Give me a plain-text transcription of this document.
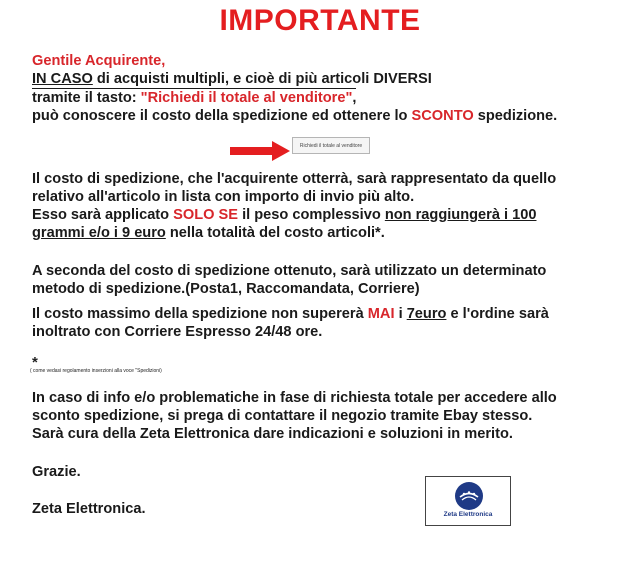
IMPORTANTE
Gentile Acquirente,
IN CASO di acquisti multipli, e cioè di più articoli DIVERSI
tramite il tasto: "Richiedi il totale al venditore",
può conoscere il costo della spedizione ed ottenere lo SCONTO spedizione.
Richiedi il totale al venditore
Il costo di spedizione, che l'acquirente otterrà, sarà rappresentato da quello
relativo all'articolo in lista con importo di invio più alto.
Esso sarà applicato SOLO SE il peso complessivo non raggiungerà i 100
grammi e/o i 9 euro nella totalità del costo articoli*.
A seconda del costo di spedizione ottenuto, sarà utilizzato un determinato
metodo di spedizione.(Posta1, Raccomandata, Corriere)
Il costo massimo della spedizione non supererà MAI i 7euro e l'ordine sarà
inoltrato con Corriere Espresso 24/48 ore.
*
( come vedasi regolamento inserzioni alla voce "Spedizioni)
In caso di info e/o problematiche in fase di richiesta totale per accedere allo
sconto spedizione, si prega di contattare il negozio tramite Ebay stesso.
Sarà cura della Zeta Elettronica dare indicazioni e soluzioni in merito.
Grazie.
Zeta Elettronica.	Zeta Elettronica
